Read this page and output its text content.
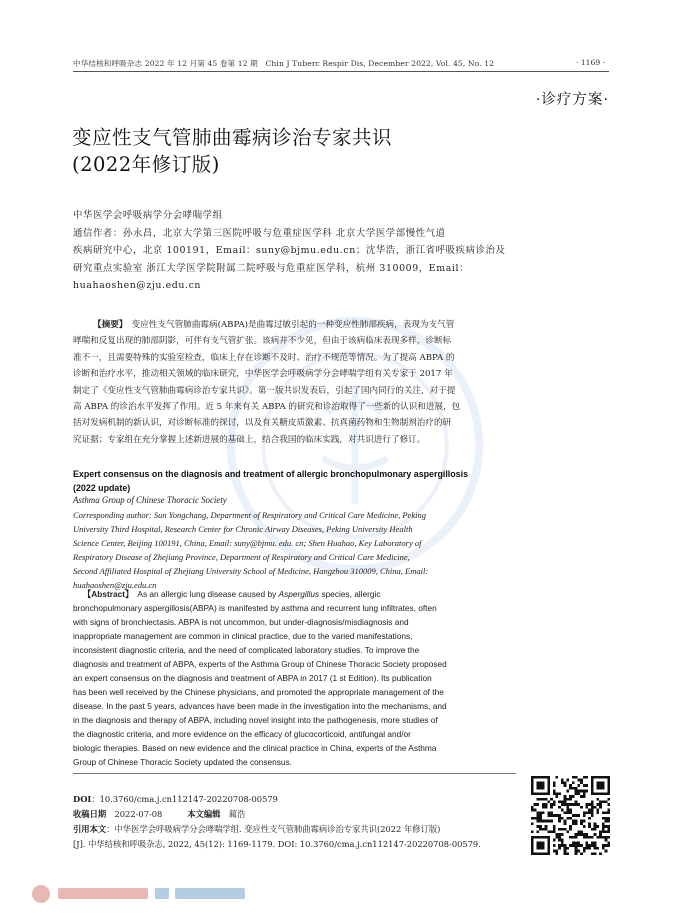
中华结核和呼吸杂志 2022 年 12 月第 45 卷第 12 期　Chin J Tuberc Respir Dis, December 2022, Vol. 45, No. 12	· 1169 ·
·诊疗方案·
变应性支气管肺曲霉病诊治专家共识
(2022年修订版)
中华医学会呼吸病学分会哮喘学组
通信作者：孙永昌，北京大学第三医院呼吸与危重症医学科 北京大学医学部慢性气道
疾病研究中心，北京 100191，Email：suny@bjmu.edu.cn；沈华浩，浙江省呼吸疾病诊治及
研究重点实验室 浙江大学医学院附属二院呼吸与危重症医学科，杭州 310009，Email：
huahaoshen@zju.edu.cn
【摘要】　变应性支气管肺曲霉病(ABPA)是曲霉过敏引起的一种变应性肺部疾病，表现为支气管
哮喘和反复出现的肺部阴影，可伴有支气管扩张。该病并不少见，但由于该病临床表现多样，诊断标
准不一，且需要特殊的实验室检查，临床上存在诊断不及时、治疗不规范等情况。为了提高 ABPA 的
诊断和治疗水平，推动相关领域的临床研究，中华医学会呼吸病学分会哮喘学组有关专家于 2017 年
制定了《变应性支气管肺曲霉病诊治专家共识》。第一版共识发表后，引起了国内同行的关注，对于提
高 ABPA 的诊治水平发挥了作用。近 5 年来有关 ABPA 的研究和诊治取得了一些新的认识和进展，包
括对发病机制的新认识，对诊断标准的探讨，以及有关糖皮质激素、抗真菌药物和生物制剂治疗的研
究证据；专家组在充分掌握上述新进展的基础上，结合我国的临床实践，对共识进行了修订。
Expert consensus on the diagnosis and treatment of allergic bronchopulmonary aspergillosis
(2022 update)
Asthma Group of Chinese Thoracic Society
Corresponding author: Sun Yongchang, Department of Respiratory and Critical Care Medicine, Peking
University Third Hospital, Research Center for Chronic Airway Diseases, Peking University Health
Science Center, Beijing 100191, China, Email: suny@bjmu. edu. cn; Shen Huahao, Key Laboratory of
Respiratory Disease of Zhejiang Province, Department of Respiratory and Critical Care Medicine,
Second Affiliated Hospital of Zhejiang University School of Medicine, Hangzhou 310009, China, Email:
huahaoshen@zju.edu.cn
【Abstract】　As an allergic lung disease caused by Aspergillus species, allergic
bronchopulmonary aspergillosis(ABPA) is manifested by asthma and recurrent lung infiltrates, often
with signs of bronchiectasis. ABPA is not uncommon, but under-diagnosis/misdiagnosis and
inappropriate management are common in clinical practice, due to the varied manifestations,
inconsistent diagnostic criteria, and the need of complicated laboratory studies. To improve the
diagnosis and treatment of ABPA, experts of the Asthma Group of Chinese Thoracic Society proposed
an expert consensus on the diagnosis and treatment of ABPA in 2017 (1 st Edition). Its publication
has been well received by the Chinese physicians, and promoted the appropriate management of the
disease. In the past 5 years, advances have been made in the investigation into the mechanisms, and
in the diagnosis and therapy of ABPA, including novel insight into the pathogenesis, more studies of
the diagnostic criteria, and more evidence on the efficacy of glucocorticoid, antifungal and/or
biologic therapies. Based on new evidence and the clinical practice in China, experts of the Asthma
Group of Chinese Thoracic Society updated the consensus.
DOI：10.3760/cma.j.cn112147-20220708-00579
收稿日期　2022-07-08　　　	本文编辑　蔺浩
引用本文：中华医学会呼吸病学分会哮喘学组. 变应性支气管肺曲霉病诊治专家共识(2022 年修订版)
[J]. 中华结核和呼吸杂志, 2022, 45(12): 1169-1179. DOI: 10.3760/cma.j.cn112147-20220708-00579.
